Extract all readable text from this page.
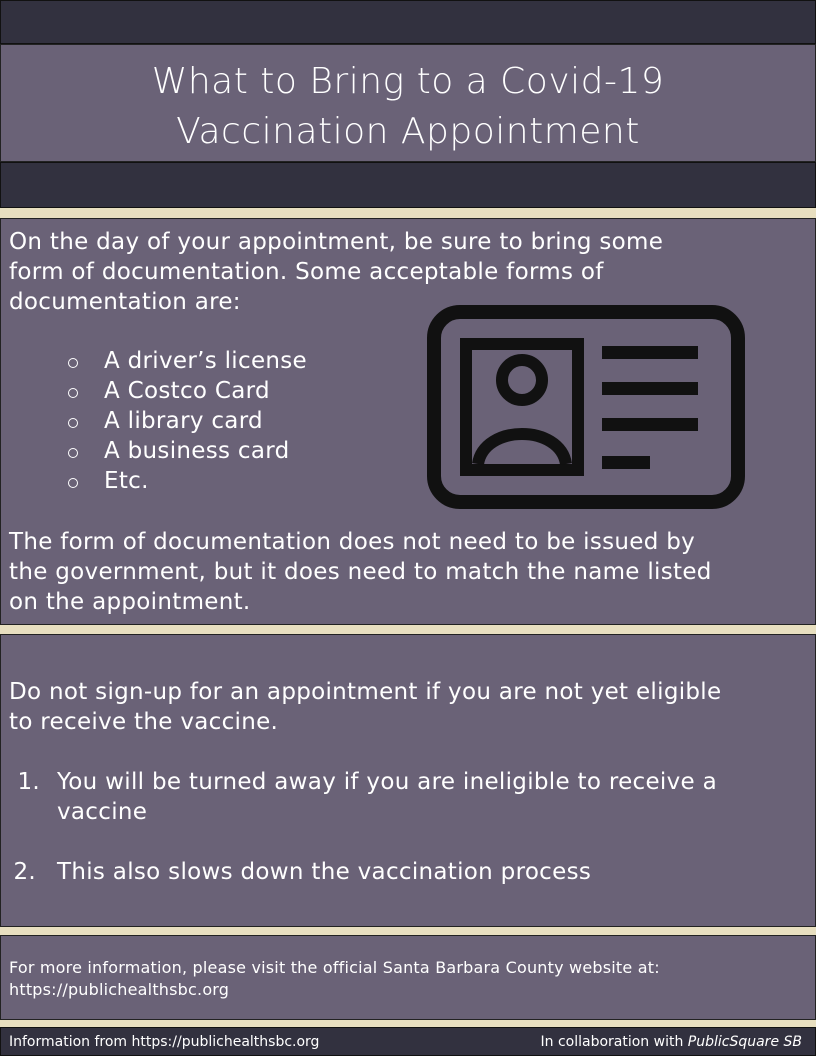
What to Bring to a Covid-19
Vaccination Appointment
On the day of your appointment, be sure to bring some
form of documentation. Some acceptable forms of
documentation are:
A driver’s license
A Costco Card
A library card
A business card
Etc.
The form of documentation does not need to be issued by
the government, but it does need to match the name listed
on the appointment.
Do not sign-up for an appointment if you are not yet eligible
to receive the vaccine.
1. You will be turned away if you are ineligible to receive a
vaccine
2. This also slows down the vaccination process
For more information, please visit the official Santa Barbara County website at:
https://publichealthsbc.org
Information from https://publichealthsbc.org	In collaboration with PublicSquare SB
